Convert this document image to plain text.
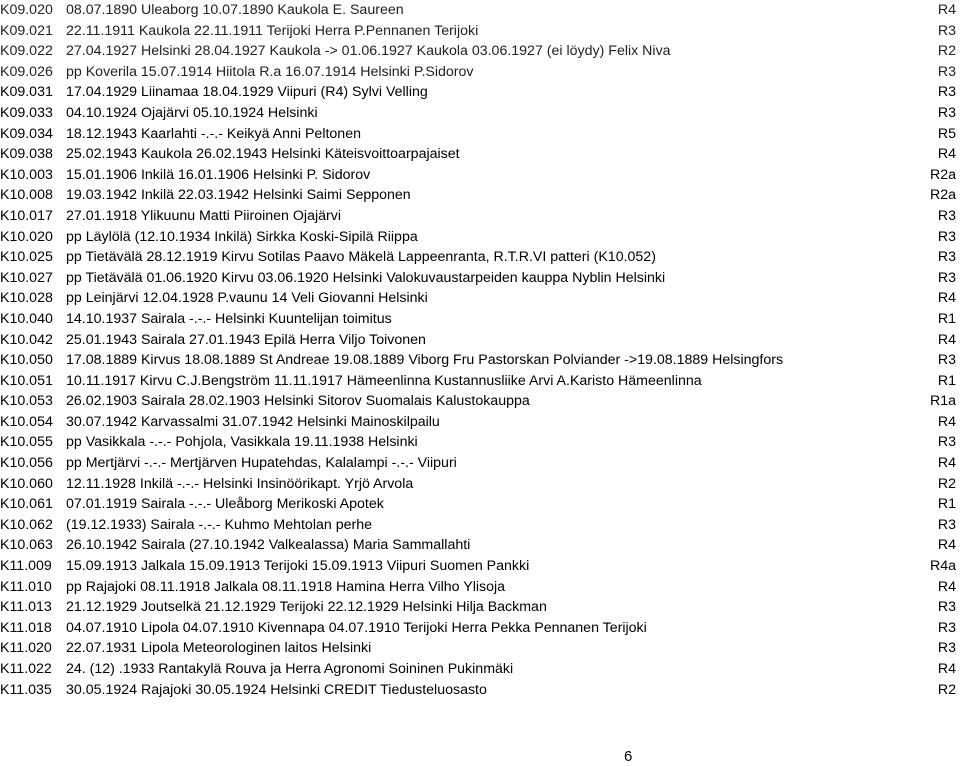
K09.020 08.07.1890 Uleaborg 10.07.1890 Kaukola E. Saureen	R4
K09.021 22.11.1911 Kaukola 22.11.1911 Terijoki Herra P.Pennanen Terijoki	R3
K09.022 27.04.1927 Helsinki 28.04.1927 Kaukola -> 01.06.1927 Kaukola 03.06.1927 (ei löydy) Felix Niva	R2
K09.026 pp Koverila 15.07.1914 Hiitola R.a 16.07.1914 Helsinki P.Sidorov	R3
K09.031 17.04.1929 Liinamaa 18.04.1929 Viipuri (R4) Sylvi Velling	R3
K09.033 04.10.1924 Ojajärvi 05.10.1924 Helsinki	R3
K09.034 18.12.1943 Kaarlahti -.-.- Keikyä Anni Peltonen	R5
K09.038 25.02.1943 Kaukola 26.02.1943 Helsinki Käteisvoittoarpajaiset	R4
K10.003 15.01.1906 Inkilä 16.01.1906 Helsinki P. Sidorov	R2a
K10.008 19.03.1942 Inkilä 22.03.1942 Helsinki Saimi Sepponen	R2a
K10.017 27.01.1918 Ylikuunu Matti Piiroinen Ojajärvi	R3
K10.020 pp Läylölä (12.10.1934 Inkilä) Sirkka Koski-Sipilä Riippa	R3
K10.025 pp Tietävälä 28.12.1919 Kirvu Sotilas Paavo Mäkelä Lappeenranta, R.T.R.VI patteri (K10.052)	R3
K10.027 pp Tietävälä 01.06.1920 Kirvu 03.06.1920 Helsinki Valokuvaustarpeiden kauppa Nyblin Helsinki	R3
K10.028 pp Leinjärvi 12.04.1928 P.vaunu 14 Veli Giovanni Helsinki	R4
K10.040 14.10.1937 Sairala -.-.- Helsinki Kuuntelijan toimitus	R1
K10.042 25.01.1943 Sairala 27.01.1943 Epilä Herra Viljo Toivonen	R4
K10.050 17.08.1889 Kirvus 18.08.1889 St Andreae 19.08.1889 Viborg Fru Pastorskan Polviander ->19.08.1889 Helsingfors	R3
K10.051 10.11.1917 Kirvu C.J.Bengström 11.11.1917 Hämeenlinna Kustannusliike Arvi A.Karisto Hämeenlinna	R1
K10.053 26.02.1903 Sairala 28.02.1903 Helsinki Sitorov Suomalais Kalustokauppa	R1a
K10.054 30.07.1942 Karvassalmi 31.07.1942 Helsinki Mainoskilpailu	R4
K10.055 pp Vasikkala -.-.- Pohjola, Vasikkala 19.11.1938 Helsinki	R3
K10.056 pp Mertjärvi -.-.- Mertjärven Hupatehdas, Kalalampi -.-.- Viipuri	R4
K10.060 12.11.1928 Inkilä -.-.- Helsinki Insinöörikapt. Yrjö Arvola	R2
K10.061 07.01.1919 Sairala -.-.- Uleåborg Merikoski Apotek	R1
K10.062 (19.12.1933) Sairala -.-.- Kuhmo Mehtolan perhe	R3
K10.063 26.10.1942 Sairala (27.10.1942 Valkealassa) Maria Sammallahti	R4
K11.009 15.09.1913 Jalkala 15.09.1913 Terijoki 15.09.1913 Viipuri Suomen Pankki	R4a
K11.010 pp Rajajoki 08.11.1918 Jalkala 08.11.1918 Hamina Herra Vilho Ylisoja	R4
K11.013 21.12.1929 Joutselkä 21.12.1929 Terijoki 22.12.1929 Helsinki Hilja Backman	R3
K11.018 04.07.1910 Lipola 04.07.1910 Kivennapa 04.07.1910 Terijoki Herra Pekka Pennanen Terijoki	R3
K11.020 22.07.1931 Lipola Meteorologinen laitos Helsinki	R3
K11.022 24. (12) .1933 Rantakylä Rouva ja Herra Agronomi Soininen Pukinmäki	R4
K11.035 30.05.1924 Rajajoki 30.05.1924 Helsinki CREDIT Tiedusteluosasto	R2
6
